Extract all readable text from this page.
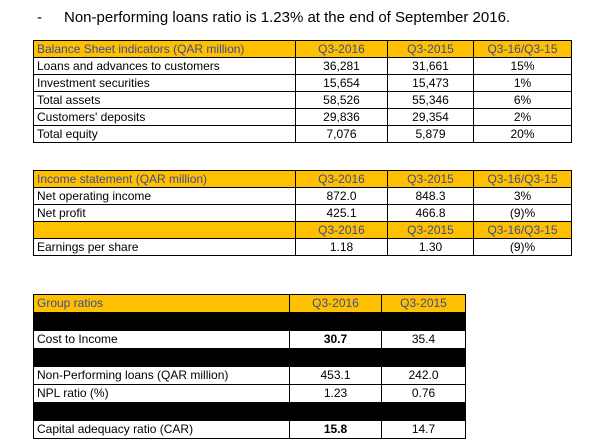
- Non-performing loans ratio is 1.23% at the end of September 2016.
Balance Sheet indicators (QAR million)	Q3-2016	Q3-2015	Q3-16/Q3-15
Loans and advances to customers	36,281	31,661	15%
Investment securities	15,654	15,473	1%
Total assets	58,526	55,346	6%
Customers' deposits	29,836	29,354	2%
Total equity	7,076	5,879	20%
Income statement (QAR million)	Q3-2016	Q3-2015	Q3-16/Q3-15
Net operating income	872.0	848.3	3%
Net profit	425.1	466.8	(9)%
	Q3-2016	Q3-2015	Q3-16/Q3-15
Earnings per share	1.18	1.30	(9)%
Group ratios	Q3-2016	Q3-2015

Cost to Income	30.7	35.4

Non-Performing loans (QAR million)	453.1	242.0
NPL ratio (%)	1.23	0.76

Capital adequacy ratio (CAR)	15.8	14.7
